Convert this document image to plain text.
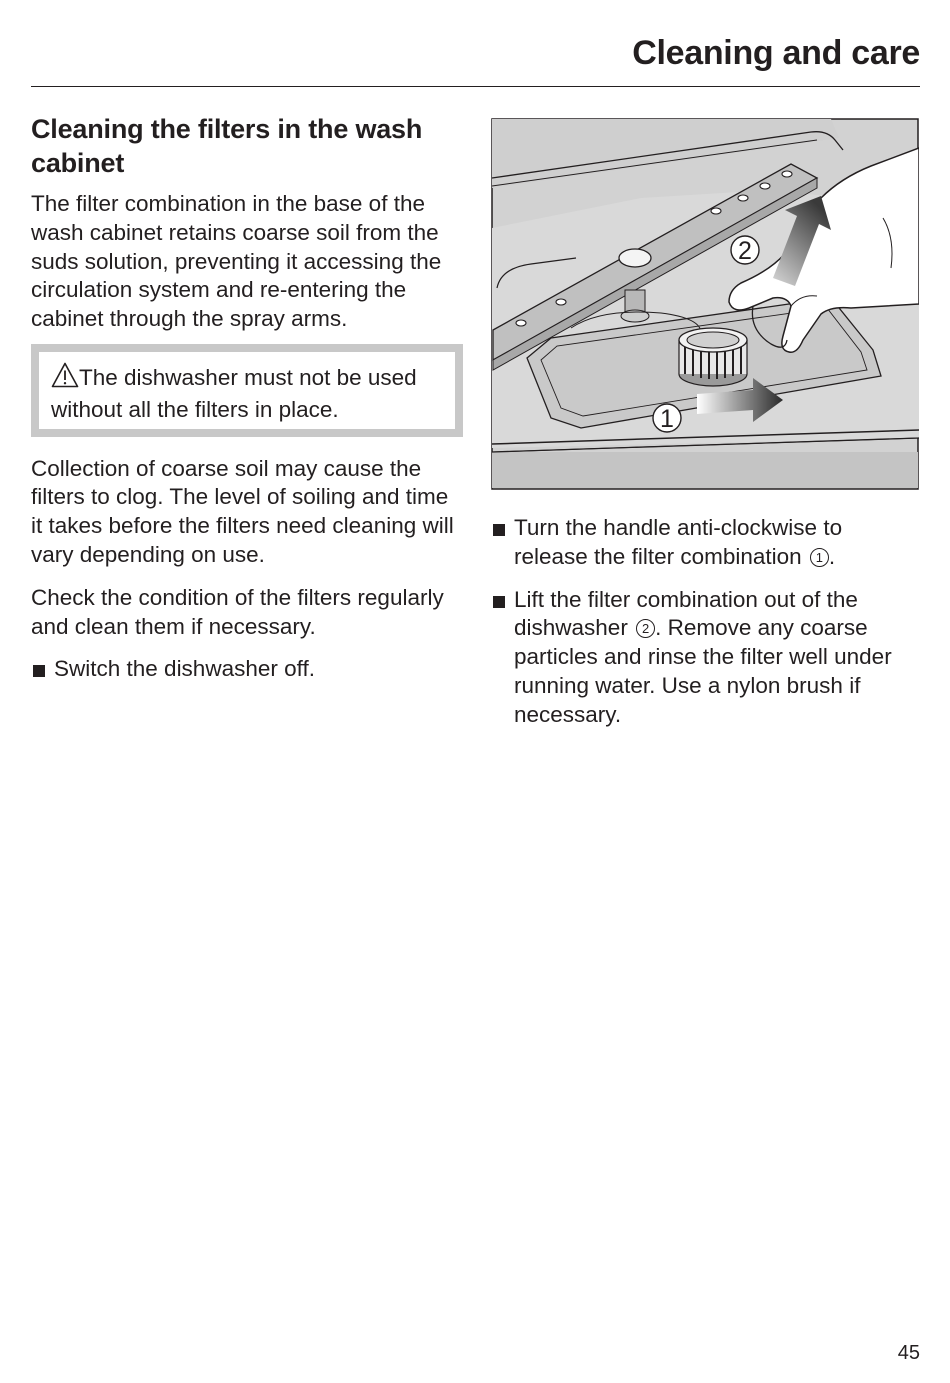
Cleaning and care
Cleaning the filters in the wash cabinet

The filter combination in the base of the wash cabinet retains coarse soil from the suds solution, preventing it accessing the circulation system and re-entering the cabinet through the spray arms.

The dishwasher must not be used without all the filters in place.

Collection of coarse soil may cause the filters to clog. The level of soiling and time it takes before the filters need cleaning will vary depending on use.

Check the condition of the filters regularly and clean them if necessary.

Switch the dishwasher off.
2
1
Turn the handle anti-clockwise to release the filter combination 1 .
Lift the filter combination out of the dishwasher 2 . Remove any coarse particles and rinse the filter well under running water. Use a nylon brush if necessary.
45
